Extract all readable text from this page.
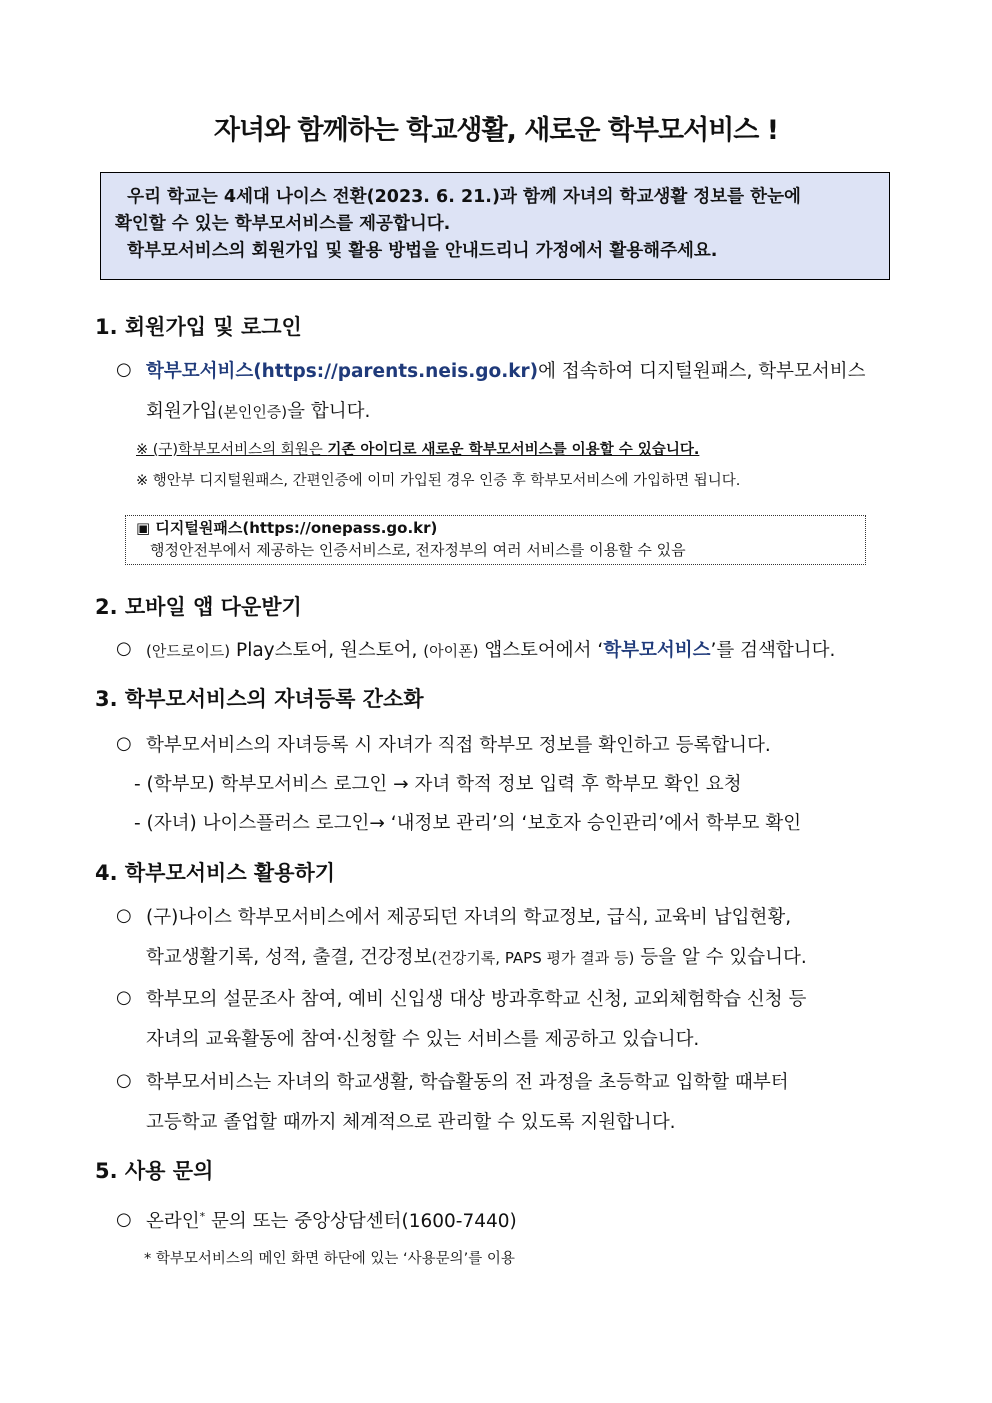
자녀와 함께하는 학교생활, 새로운 학부모서비스 !
우리 학교는 4세대 나이스 전환(2023. 6. 21.)과 함께 자녀의 학교생활 정보를 한눈에
확인할 수 있는 학부모서비스를 제공합니다.
학부모서비스의 회원가입 및 활용 방법을 안내드리니 가정에서 활용해주세요.
1. 회원가입 및 로그인
○ 학부모서비스(https://parents.neis.go.kr)에 접속하여 디지털원패스, 학부모서비스
회원가입(본인인증)을 합니다.
※ (구)학부모서비스의 회원은 기존 아이디로 새로운 학부모서비스를 이용할 수 있습니다.
※ 행안부 디지털원패스, 간편인증에 이미 가입된 경우 인증 후 학부모서비스에 가입하면 됩니다.
▣ 디지털원패스(https://onepass.go.kr)
행정안전부에서 제공하는 인증서비스로, 전자정부의 여러 서비스를 이용할 수 있음
2. 모바일 앱 다운받기
○ (안드로이드) Play스토어, 원스토어, (아이폰) 앱스토어에서 ‘학부모서비스’를 검색합니다.
3. 학부모서비스의 자녀등록 간소화
○ 학부모서비스의 자녀등록 시 자녀가 직접 학부모 정보를 확인하고 등록합니다.
- (학부모) 학부모서비스 로그인 → 자녀 학적 정보 입력 후 학부모 확인 요청
- (자녀) 나이스플러스 로그인→ ‘내정보 관리’의 ‘보호자 승인관리’에서 학부모 확인
4. 학부모서비스 활용하기
○ (구)나이스 학부모서비스에서 제공되던 자녀의 학교정보, 급식, 교육비 납입현황,
학교생활기록, 성적, 출결, 건강정보(건강기록, PAPS 평가 결과 등) 등을 알 수 있습니다.
○ 학부모의 설문조사 참여, 예비 신입생 대상 방과후학교 신청, 교외체험학습 신청 등
자녀의 교육활동에 참여·신청할 수 있는 서비스를 제공하고 있습니다.
○ 학부모서비스는 자녀의 학교생활, 학습활동의 전 과정을 초등학교 입학할 때부터
고등학교 졸업할 때까지 체계적으로 관리할 수 있도록 지원합니다.
5. 사용 문의
○ 온라인* 문의 또는 중앙상담센터(1600-7440)
* 학부모서비스의 메인 화면 하단에 있는 ‘사용문의’를 이용
